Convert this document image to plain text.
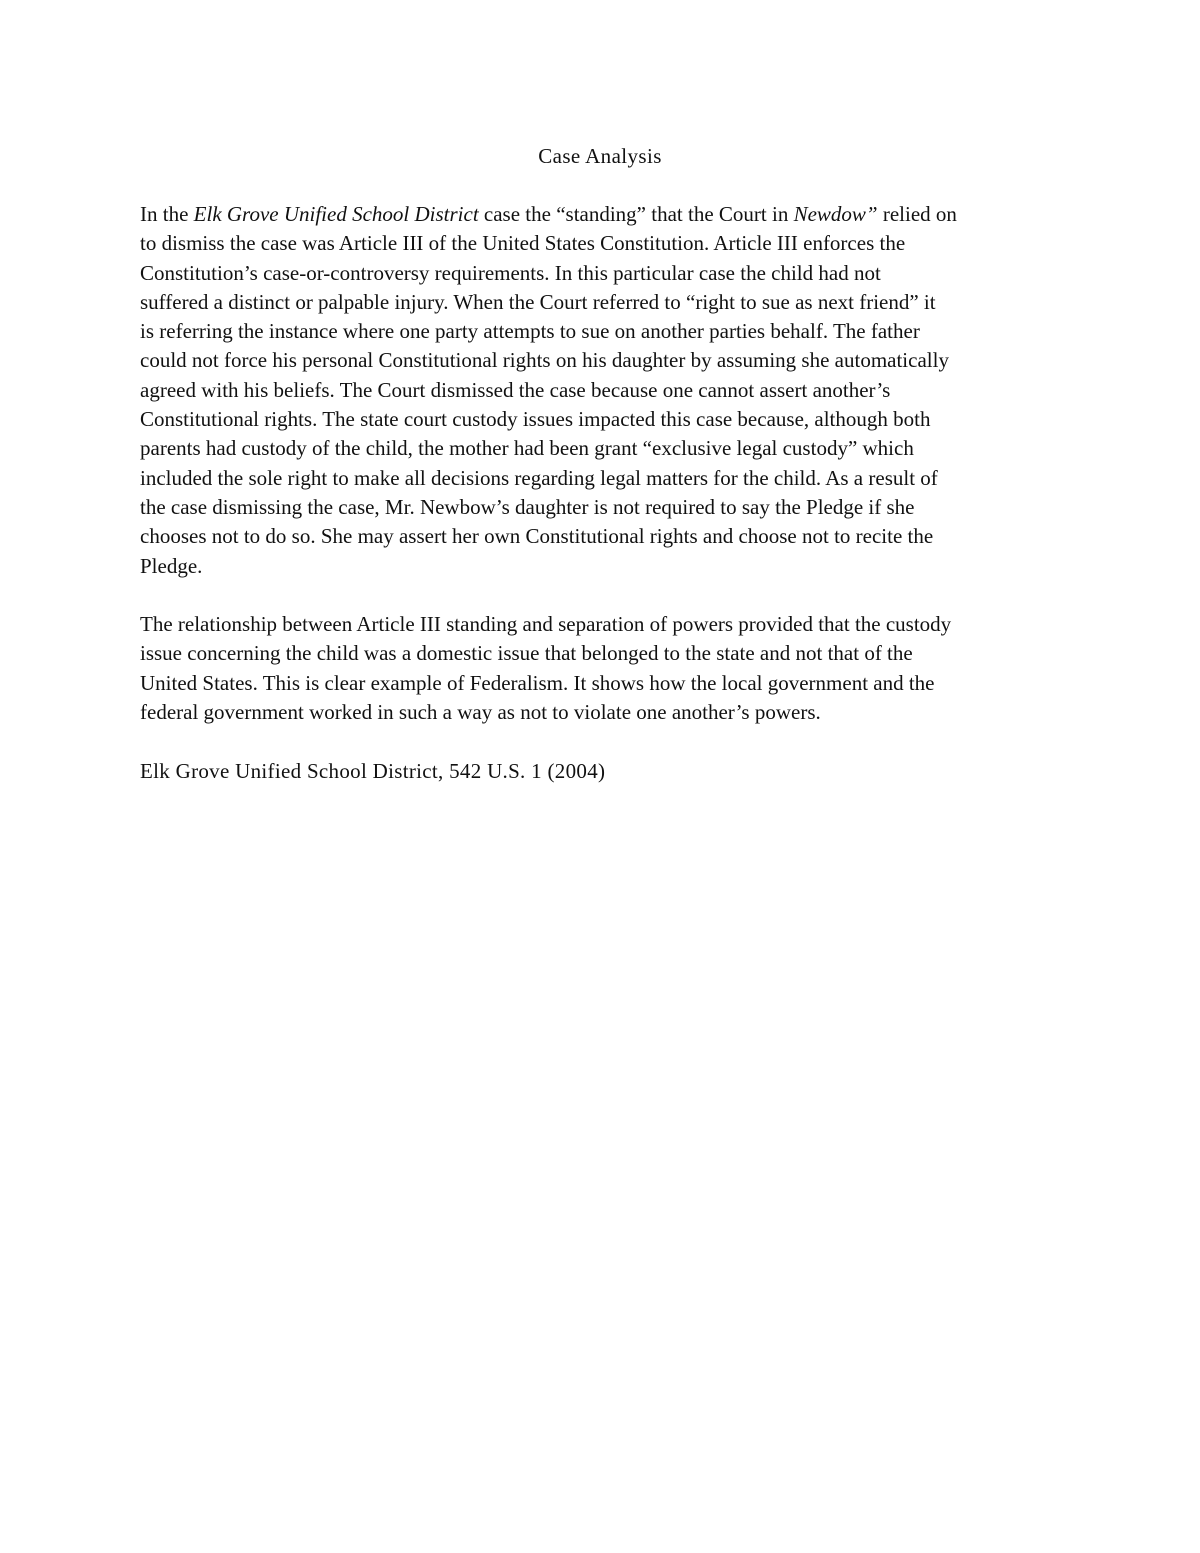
Case Analysis
In the Elk Grove Unified School District case the “standing” that the Court in Newdow” relied on
to dismiss the case was Article III of the United States Constitution. Article III enforces the
Constitution’s case-or-controversy requirements. In this particular case the child had not
suffered a distinct or palpable injury. When the Court referred to “right to sue as next friend” it
is referring the instance where one party attempts to sue on another parties behalf. The father
could not force his personal Constitutional rights on his daughter by assuming she automatically
agreed with his beliefs. The Court dismissed the case because one cannot assert another’s
Constitutional rights. The state court custody issues impacted this case because, although both
parents had custody of the child, the mother had been grant “exclusive legal custody” which
included the sole right to make all decisions regarding legal matters for the child. As a result of
the case dismissing the case, Mr. Newbow’s daughter is not required to say the Pledge if she
chooses not to do so. She may assert her own Constitutional rights and choose not to recite the
Pledge.
The relationship between Article III standing and separation of powers provided that the custody
issue concerning the child was a domestic issue that belonged to the state and not that of the
United States. This is clear example of Federalism. It shows how the local government and the
federal government worked in such a way as not to violate one another’s powers.
Elk Grove Unified School District, 542 U.S. 1 (2004)
